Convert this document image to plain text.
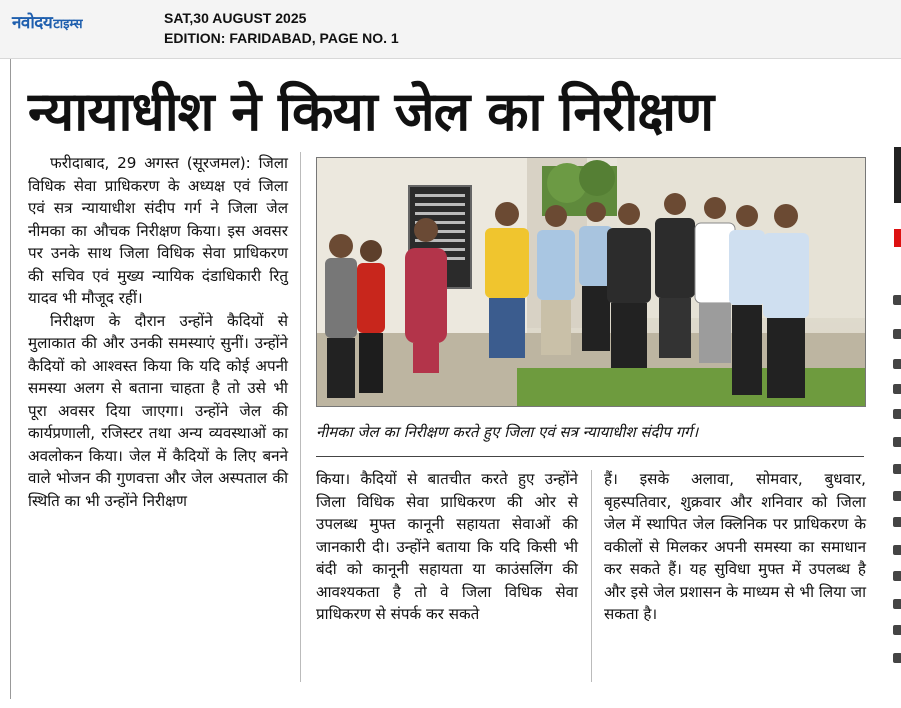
नवोदय टाइम्स	SAT,30 AUGUST 2025
EDITION: FARIDABAD, PAGE NO. 1
न्यायाधीश ने किया जेल का निरीक्षण

फरीदाबाद, 29 अगस्त (सूरजमल): जिला विधिक सेवा प्राधिकरण के अध्यक्ष एवं जिला एवं सत्र न्यायाधीश संदीप गर्ग ने जिला जेल नीमका का औचक निरीक्षण किया। इस अवसर पर उनके साथ जिला विधिक सेवा प्राधिकरण की सचिव एवं मुख्य न्यायिक दंडाधिकारी रितु यादव भी मौजूद रहीं।

निरीक्षण के दौरान उन्होंने कैदियों से मुलाकात की और उनकी समस्याएं सुनीं। उन्होंने कैदियों को आश्वस्त किया कि यदि कोई अपनी समस्या अलग से बताना चाहता है तो उसे भी पूरा अवसर दिया जाएगा। उन्होंने जेल की कार्यप्रणाली, रजिस्टर तथा अन्य व्यवस्थाओं का अवलोकन किया। जेल में कैदियों के लिए बनने वाले भोजन की गुणवत्ता और जेल अस्पताल की स्थिति का भी उन्होंने निरीक्षण

नीमका जेल का निरीक्षण करते हुए जिला एवं सत्र न्यायाधीश संदीप गर्ग।

किया। कैदियों से बातचीत करते हुए उन्होंने जिला विधिक सेवा प्राधिकरण की ओर से उपलब्ध मुफ्त कानूनी सहायता सेवाओं की जानकारी दी। उन्होंने बताया कि यदि किसी भी बंदी को कानूनी सहायता या काउंसलिंग की आवश्यकता है तो वे जिला विधिक सेवा प्राधिकरण से संपर्क कर सकते

हैं। इसके अलावा, सोमवार, बुधवार, बृहस्पतिवार, शुक्रवार और शनिवार को जिला जेल में स्थापित जेल क्लिनिक पर प्राधिकरण के वकीलों से मिलकर अपनी समस्या का समाधान कर सकते हैं। यह सुविधा मुफ्त में उपलब्ध है और इसे जेल प्रशासन के माध्यम से भी लिया जा सकता है।
